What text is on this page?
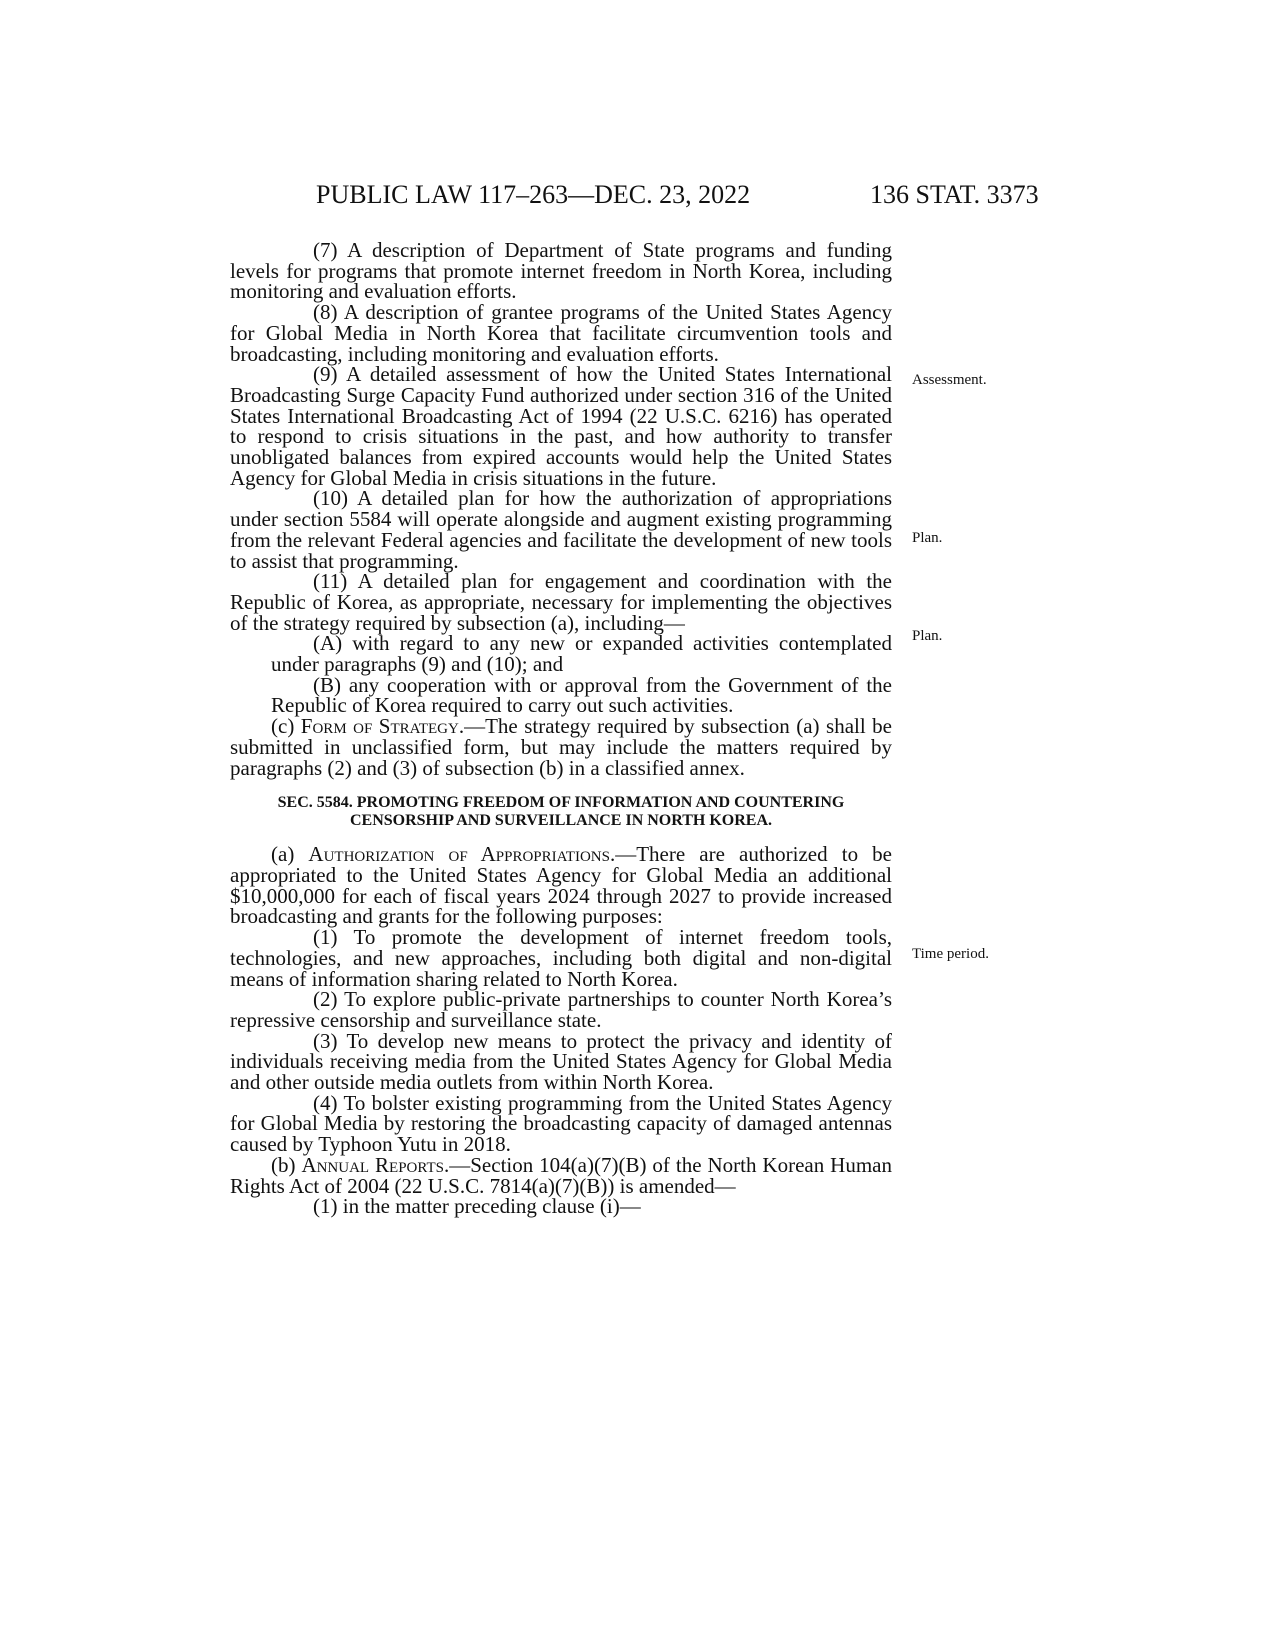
PUBLIC LAW 117–263—DEC. 23, 2022	136 STAT. 3373
Assessment.
Plan.
Plan.
Time period.

(7) A description of Department of State programs and funding levels for programs that promote internet freedom in North Korea, including monitoring and evaluation efforts.

(8) A description of grantee programs of the United States Agency for Global Media in North Korea that facilitate circumvention tools and broadcasting, including monitoring and evaluation efforts.

(9) A detailed assessment of how the United States International Broadcasting Surge Capacity Fund authorized under section 316 of the United States International Broadcasting Act of 1994 (22 U.S.C. 6216) has operated to respond to crisis situations in the past, and how authority to transfer unobligated balances from expired accounts would help the United States Agency for Global Media in crisis situations in the future.

(10) A detailed plan for how the authorization of appropriations under section 5584 will operate alongside and augment existing programming from the relevant Federal agencies and facilitate the development of new tools to assist that programming.

(11) A detailed plan for engagement and coordination with the Republic of Korea, as appropriate, necessary for implementing the objectives of the strategy required by subsection (a), including—

(A) with regard to any new or expanded activities contemplated under paragraphs (9) and (10); and

(B) any cooperation with or approval from the Government of the Republic of Korea required to carry out such activities.

(c) Form of Strategy.—The strategy required by subsection (a) shall be submitted in unclassified form, but may include the matters required by paragraphs (2) and (3) of subsection (b) in a classified annex.

SEC. 5584. PROMOTING FREEDOM OF INFORMATION AND COUNTERING CENSORSHIP AND SURVEILLANCE IN NORTH KOREA.

(a) Authorization of Appropriations.—There are authorized to be appropriated to the United States Agency for Global Media an additional $10,000,000 for each of fiscal years 2024 through 2027 to provide increased broadcasting and grants for the following purposes:

(1) To promote the development of internet freedom tools, technologies, and new approaches, including both digital and non-digital means of information sharing related to North Korea.

(2) To explore public-private partnerships to counter North Korea’s repressive censorship and surveillance state.

(3) To develop new means to protect the privacy and identity of individuals receiving media from the United States Agency for Global Media and other outside media outlets from within North Korea.

(4) To bolster existing programming from the United States Agency for Global Media by restoring the broadcasting capacity of damaged antennas caused by Typhoon Yutu in 2018.

(b) Annual Reports.—Section 104(a)(7)(B) of the North Korean Human Rights Act of 2004 (22 U.S.C. 7814(a)(7)(B)) is amended—

(1) in the matter preceding clause (i)—
